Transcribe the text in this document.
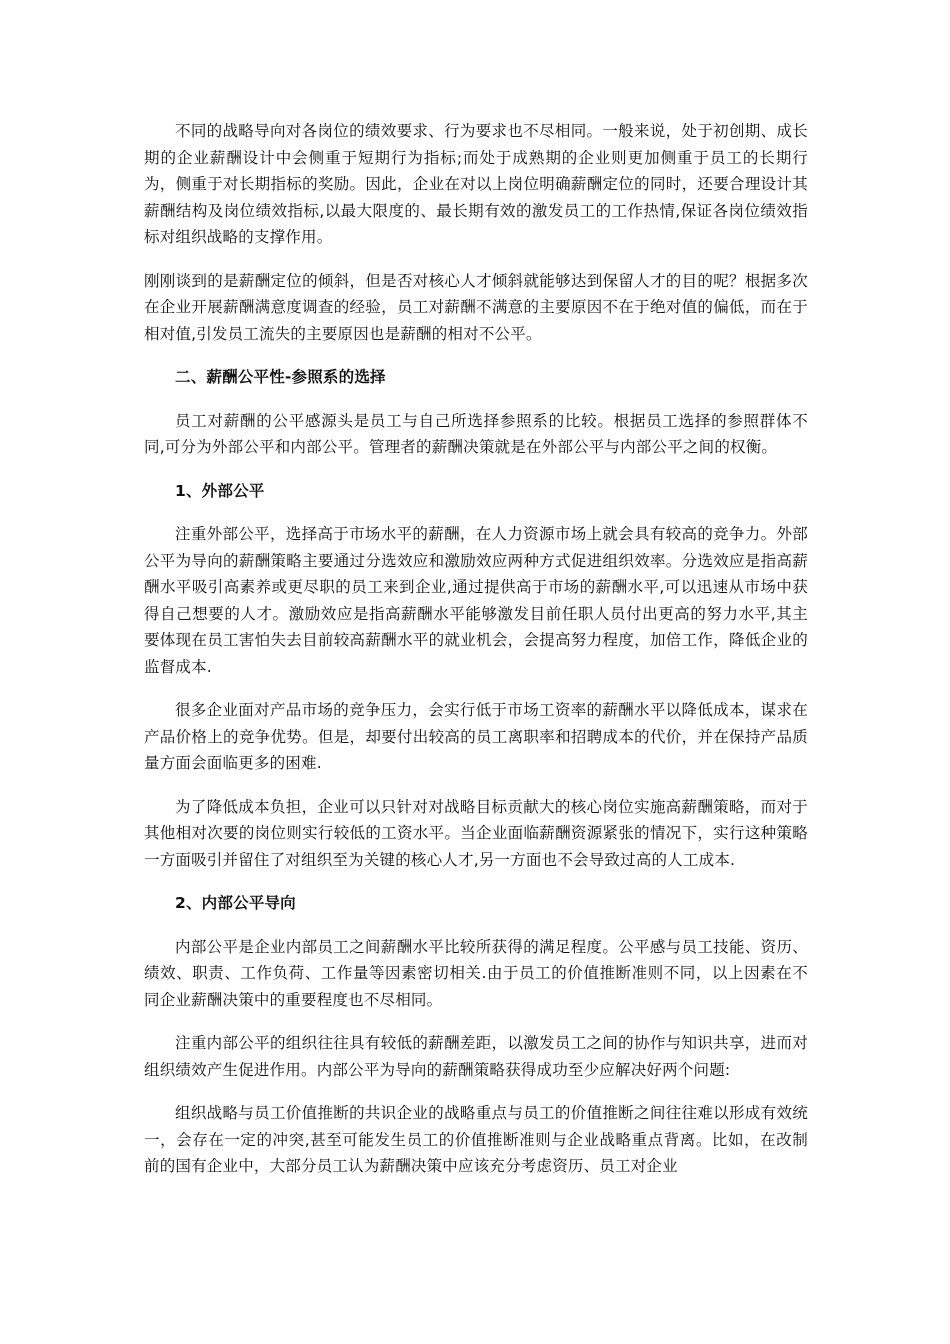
不同的战略导向对各岗位的绩效要求、行为要求也不尽相同。一般来说，处于初创期、成长期的企业薪酬设计中会侧重于短期行为指标;而处于成熟期的企业则更加侧重于员工的长期行为，侧重于对长期指标的奖励。因此，企业在对以上岗位明确薪酬定位的同时，还要合理设计其薪酬结构及岗位绩效指标,以最大限度的、最长期有效的激发员工的工作热情,保证各岗位绩效指标对组织战略的支撑作用。

刚刚谈到的是薪酬定位的倾斜，但是否对核心人才倾斜就能够达到保留人才的目的呢？根据多次在企业开展薪酬满意度调查的经验，员工对薪酬不满意的主要原因不在于绝对值的偏低，而在于相对值,引发员工流失的主要原因也是薪酬的相对不公平。

二、薪酬公平性-参照系的选择

员工对薪酬的公平感源头是员工与自己所选择参照系的比较。根据员工选择的参照群体不同,可分为外部公平和内部公平。管理者的薪酬决策就是在外部公平与内部公平之间的权衡。

1、外部公平

注重外部公平，选择高于市场水平的薪酬，在人力资源市场上就会具有较高的竞争力。外部公平为导向的薪酬策略主要通过分选效应和激励效应两种方式促进组织效率。分选效应是指高薪酬水平吸引高素养或更尽职的员工来到企业,通过提供高于市场的薪酬水平,可以迅速从市场中获得自己想要的人才。激励效应是指高薪酬水平能够激发目前任职人员付出更高的努力水平,其主要体现在员工害怕失去目前较高薪酬水平的就业机会，会提高努力程度，加倍工作，降低企业的监督成本.

很多企业面对产品市场的竞争压力，会实行低于市场工资率的薪酬水平以降低成本，谋求在产品价格上的竞争优势。但是，却要付出较高的员工离职率和招聘成本的代价，并在保持产品质量方面会面临更多的困难.

为了降低成本负担，企业可以只针对对战略目标贡献大的核心岗位实施高薪酬策略，而对于其他相对次要的岗位则实行较低的工资水平。当企业面临薪酬资源紧张的情况下，实行这种策略一方面吸引并留住了对组织至为关键的核心人才,另一方面也不会导致过高的人工成本.

2、内部公平导向

内部公平是企业内部员工之间薪酬水平比较所获得的满足程度。公平感与员工技能、资历、绩效、职责、工作负荷、工作量等因素密切相关.由于员工的价值推断准则不同，以上因素在不同企业薪酬决策中的重要程度也不尽相同。

注重内部公平的组织往往具有较低的薪酬差距，以激发员工之间的协作与知识共享，进而对组织绩效产生促进作用。内部公平为导向的薪酬策略获得成功至少应解决好两个问题:

组织战略与员工价值推断的共识企业的战略重点与员工的价值推断之间往往难以形成有效统一，会存在一定的冲突,甚至可能发生员工的价值推断准则与企业战略重点背离。比如，在改制前的国有企业中，大部分员工认为薪酬决策中应该充分考虑资历、员工对企业
